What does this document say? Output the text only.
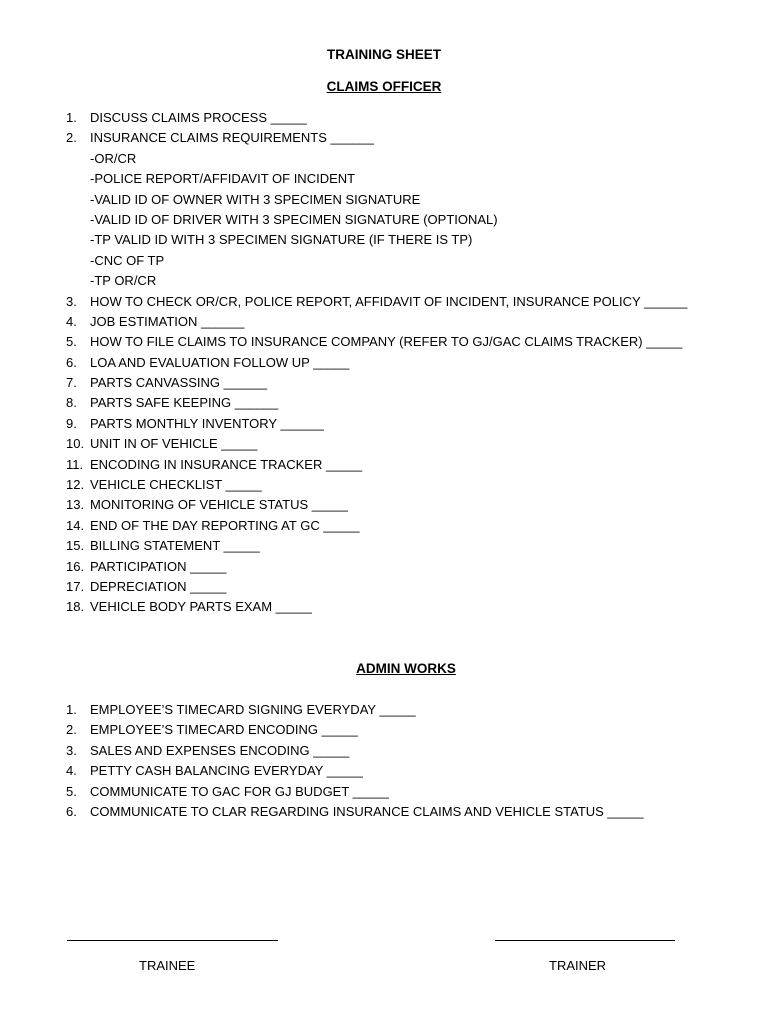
TRAINING SHEET
CLAIMS OFFICER
1.	DISCUSS CLAIMS PROCESS _____
2.	INSURANCE CLAIMS REQUIREMENTS ______
-OR/CR
-POLICE REPORT/AFFIDAVIT OF INCIDENT
-VALID ID OF OWNER WITH 3 SPECIMEN SIGNATURE
-VALID ID OF DRIVER WITH 3 SPECIMEN SIGNATURE (OPTIONAL)
-TP VALID ID WITH 3 SPECIMEN SIGNATURE (IF THERE IS TP)
-CNC OF TP
-TP OR/CR
3.	HOW TO CHECK OR/CR, POLICE REPORT, AFFIDAVIT OF INCIDENT, INSURANCE POLICY ______
4.	JOB ESTIMATION ______
5.	HOW TO FILE CLAIMS TO INSURANCE COMPANY (REFER TO GJ/GAC CLAIMS TRACKER) _____
6.	LOA AND EVALUATION FOLLOW UP _____
7.	PARTS CANVASSING ______
8.	PARTS SAFE KEEPING ______
9.	PARTS MONTHLY INVENTORY ______
10. UNIT IN OF VEHICLE _____
11. ENCODING IN INSURANCE TRACKER _____
12. VEHICLE CHECKLIST _____
13. MONITORING OF VEHICLE STATUS _____
14. END OF THE DAY REPORTING AT GC _____
15. BILLING STATEMENT _____
16. PARTICIPATION _____
17. DEPRECIATION _____
18. VEHICLE BODY PARTS EXAM _____
ADMIN WORKS
1.	EMPLOYEE’S TIMECARD SIGNING EVERYDAY _____
2.	EMPLOYEE’S TIMECARD ENCODING _____
3.	SALES AND EXPENSES ENCODING _____
4.	PETTY CASH BALANCING EVERYDAY _____
5.	COMMUNICATE TO GAC FOR GJ BUDGET _____
6.	COMMUNICATE TO CLAR REGARDING INSURANCE CLAIMS AND VEHICLE STATUS _____
TRAINEE	TRAINER
